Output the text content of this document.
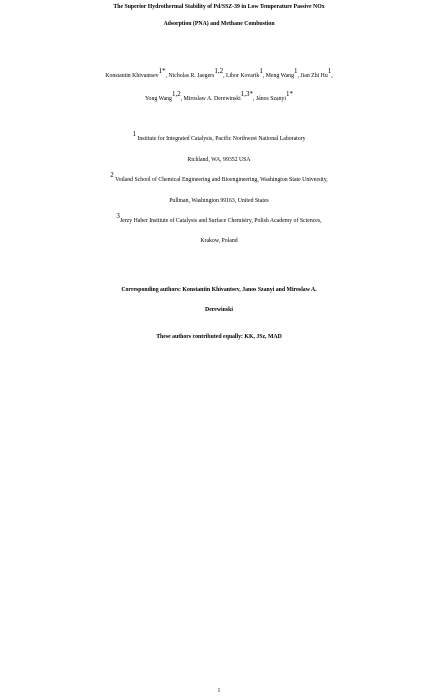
The Superior Hydrothermal Stability of Pd/SSZ-39 in Low Temperature Passive NOx
Adsorption (PNA) and Methane Combustion
Konstantin Khivantsev$^{1*}$, Nicholas R. Jaegers$^{1,2}$, Libor Kovarik$^1$, Meng Wang$^1$, Jian Zhi Hu$^1$,
Yong Wang$^{1,2}$, Miroslaw A. Derewinski$^{1,3*}$, János Szanyi$^{1*}$
$^1$ Institute for Integrated Catalysis, Pacific Northwest National Laboratory
Richland, WA, 99352 USA
$^2$ Voiland School of Chemical Engineering and Bioengineering, Washington State University,
Pullman, Washington 99163, United States
$^3$Jerzy Haber Institute of Catalysis and Surface Chemistry, Polish Academy of Sciences,
Krakow, Poland
Corresponding authors: Konstantin Khivantsev, Janos Szanyi and Miroslaw A.
Derewinski
These authors contributed equally: KK, JSz, MAD
1
